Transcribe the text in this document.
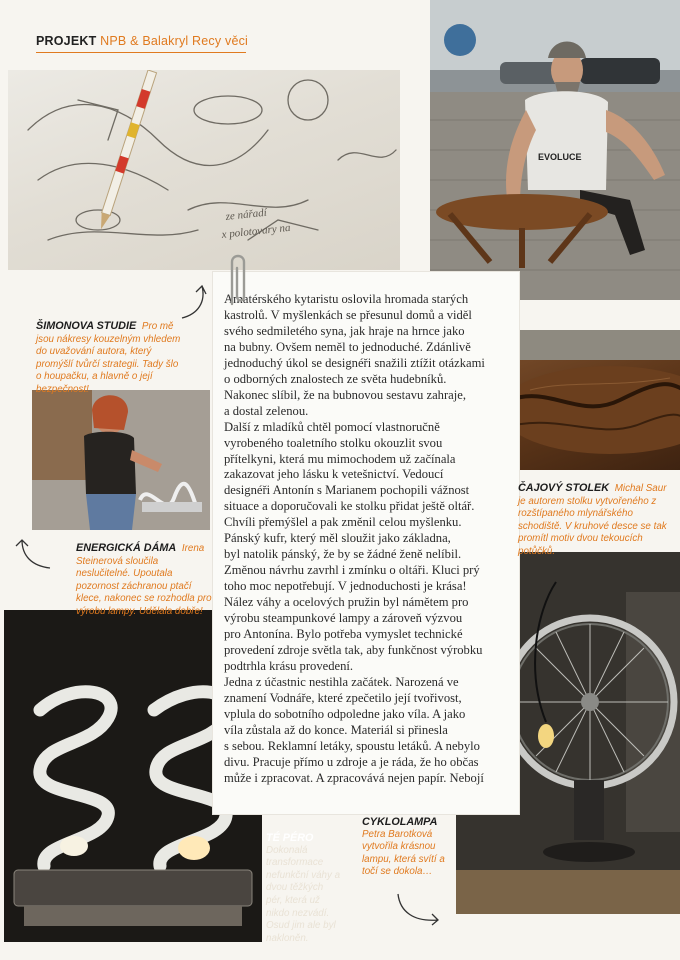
PROJEKT NPB & Balakryl Recy věci
ze nářadí
x polotovary na
EVOLUCE
Amatérského kytaristu oslovila hromada starých
kastrolů. V myšlenkách se přesunul domů a viděl
svého sedmiletého syna, jak hraje na hrnce jako
na bubny. Ovšem neměl to jednoduché. Zdánlivě
jednoduchý úkol se designéři snažili ztížit otázkami
o odborných znalostech ze světa hudebníků.
Nakonec slíbil, že na bubnovou sestavu zahraje,
a dostal zelenou.
Další z mladíků chtěl pomocí vlastnoručně
vyrobeného toaletního stolku okouzlit svou
přítelkyni, která mu mimochodem už začínala
zakazovat jeho lásku k vetešnictví. Vedoucí
designéři Antonín s Marianem pochopili vážnost
situace a doporučovali ke stolku přidat ještě oltář.
Chvíli přemýšlel a pak změnil celou myšlenku.
Pánský kufr, který měl sloužit jako základna,
byl natolik pánský, že by se žádné ženě nelíbil.
Změnou návrhu zavrhl i zmínku o oltáři. Kluci prý
toho moc nepotřebují. V jednoduchosti je krása!
Nález váhy a ocelových pružin byl námětem pro
výrobu steampunkové lampy a zároveň výzvou
pro Antonína. Bylo potřeba vymyslet technické
provedení zdroje světla tak, aby funkčnost výrobku
podtrhla krásu provedení.
Jedna z účastnic nestihla začátek. Narozená ve
znamení Vodnáře, které zpečetilo její tvořivost,
vplula do sobotního odpoledne jako víla. A jako
víla zůstala až do konce. Materiál si přinesla
s sebou. Reklamní letáky, spoustu letáků. A nebylo
divu. Pracuje přímo u zdroje a je ráda, že ho občas
může i zpracovat. A zpracovává nejen papír. Nebojí
ŠIMONOVA STUDIE Pro mě jsou nákresy kouzelným vhledem do uvažování autora, který promýšlí tvůrčí strategii. Tady šlo o houpačku, a hlavně o její bezpečnost!
ENERGICKÁ DÁMA Irena Steinerová sloučila neslučitelné. Upoutala pozornost záchranou ptačí klece, nakonec se rozhodla pro výrobu lampy. Udělala dobře!
ČAJOVÝ STOLEK Michal Saur je autorem stolku vytvořeného z rozštípaného mlynářského schodiště. V kruhové desce se tak promítl motiv dvou tekoucích potůčků.
TÉ PÉRO
Dokonalá transformace nefunkční váhy a dvou těžkých pér, která už nikdo nezvádí. Osud jim ale byl nakloněn.
CYKLOLAMPA
Petra Barotková vytvořila krásnou lampu, která svítí a točí se dokola…
